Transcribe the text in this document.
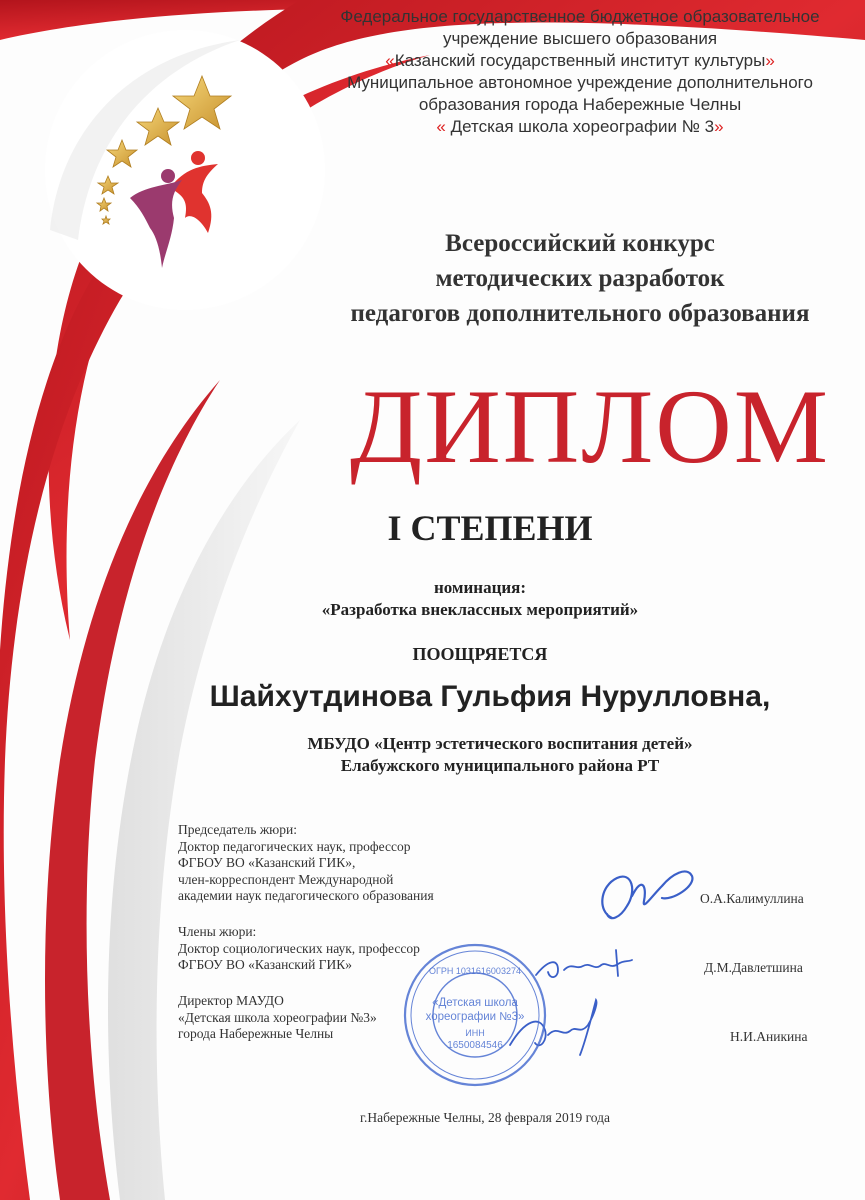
Федеральное государственное бюджетное образовательное
учреждение высшего образования
«Казанский государственный институт культуры»
Муниципальное автономное учреждение дополнительного
образования города Набережные Челны
« Детская школа хореографии № 3»
Всероссийский конкурс
методических разработок
педагогов дополнительного образования
ДИПЛОМ
I СТЕПЕНИ
номинация:
«Разработка внеклассных мероприятий»
ПООЩРЯЕТСЯ
Шайхутдинова Гульфия Нурулловна,
МБУДО «Центр эстетического воспитания детей»
Елабужского муниципального района РТ
Председатель жюри:
Доктор педагогических наук, профессор
ФГБОУ ВО «Казанский ГИК»,
член-корреспондент Международной
академии наук педагогического образования	О.А.Калимуллина
Члены жюри:
Доктор социологических наук, профессор
ФГБОУ ВО «Казанский ГИК»	Д.М.Давлетшина
Директор МАУДО
«Детская школа хореографии №3»
города Набережные Челны	Н.И.Аникина
ОГРН 1031616003274
«Детская школа
хореографии №3»
ИНН
1650084546
г.Набережные Челны, 28 февраля 2019 года
